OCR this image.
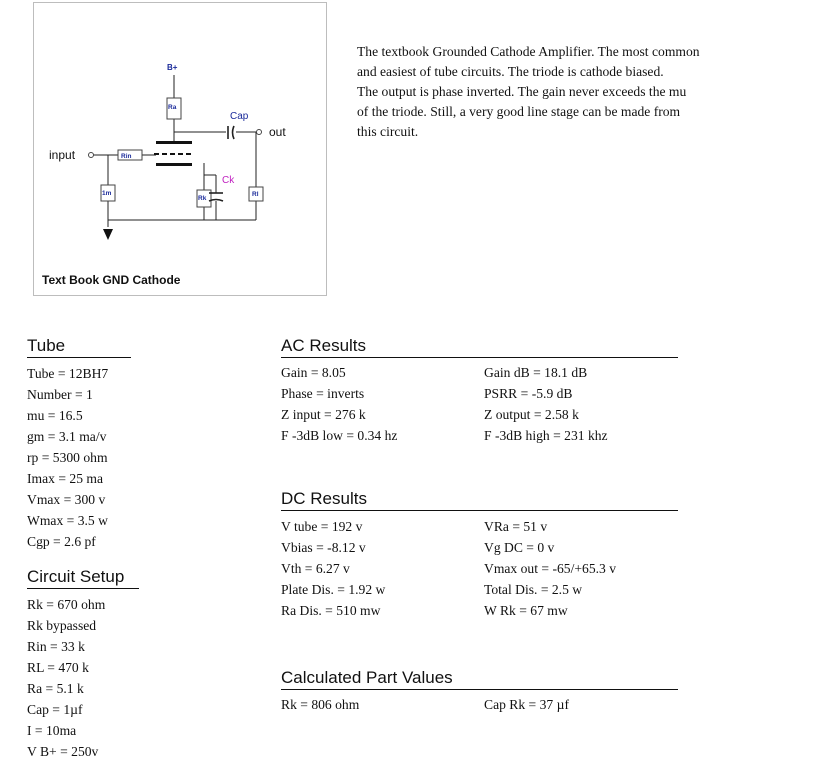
B+
Ra
Cap
out
input	Rin
Ck
Rk
Rl
1m
Text Book GND Cathode
The textbook Grounded Cathode Amplifier. The most common
and easiest of tube circuits. The triode is cathode biased.
The output is phase inverted. The gain never exceeds the mu
of the triode. Still, a very good line stage can be made from
this circuit.
Tube
Tube = 12BH7
Number = 1
mu = 16.5
gm = 3.1 ma/v
rp = 5300 ohm
Imax = 25 ma
Vmax = 300 v
Wmax = 3.5 w
Cgp = 2.6 pf
Circuit Setup
Rk = 670 ohm
Rk bypassed
Rin = 33 k
RL = 470 k
Ra = 5.1 k
Cap = 1µf
I = 10ma
V B+ = 250v
AC Results
Gain = 8.05
Phase = inverts
Z input = 276 k
F -3dB low = 0.34 hz
Gain dB = 18.1 dB
PSRR = -5.9 dB
Z output = 2.58 k
F -3dB high = 231 khz
DC Results
V tube = 192 v
Vbias = -8.12 v
Vth = 6.27 v
Plate Dis. = 1.92 w
Ra Dis. = 510 mw
VRa = 51 v
Vg DC = 0 v
Vmax out = -65/+65.3 v
Total Dis. = 2.5 w
W Rk = 67 mw
Calculated Part Values
Rk = 806 ohm	Cap Rk = 37 µf
